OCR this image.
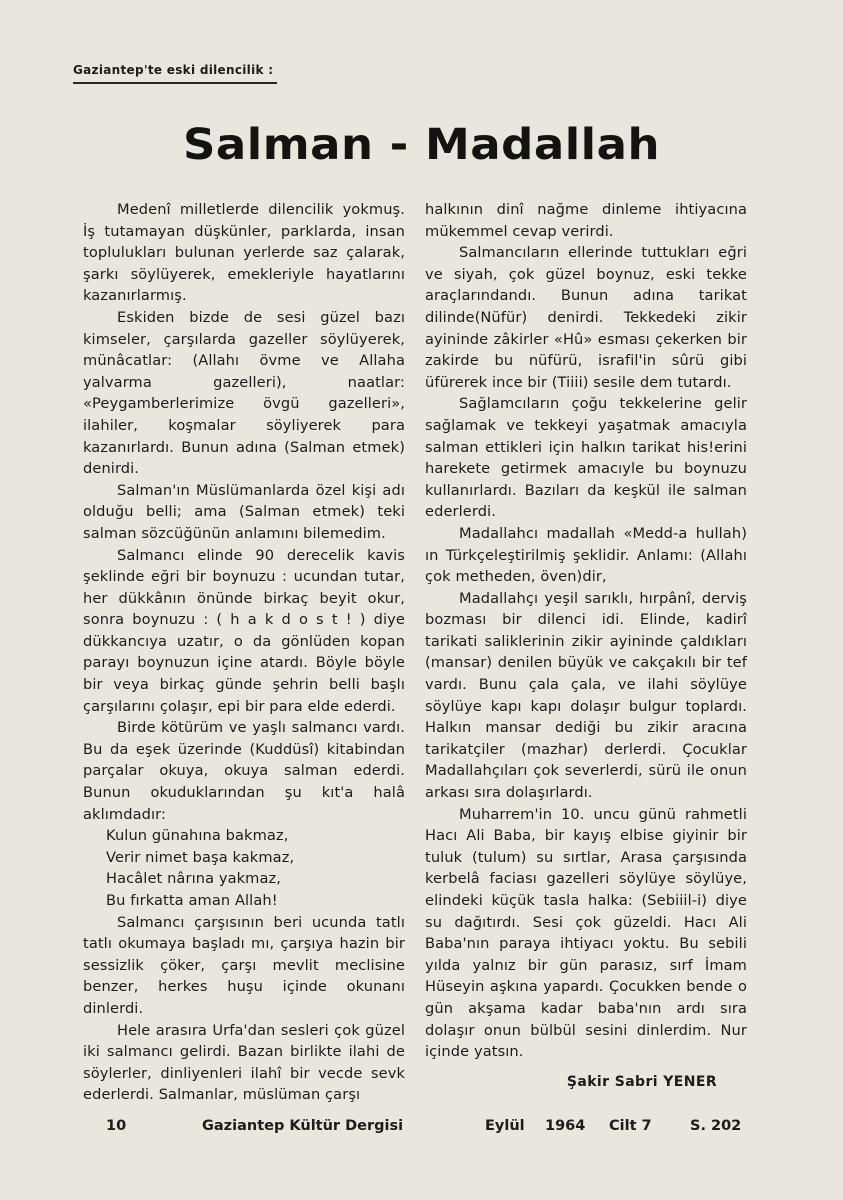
Gaziantep'te eski dilencilik :
Salman - Madallah

Medenî milletlerde dilencilik yokmuş. İş tutamayan düşkünler, parklarda, insan toplulukları bulunan yerlerde saz çalarak, şarkı söylüyerek, emekleriyle hayatlarını kazanırlarmış.

Eskiden bizde de sesi güzel bazı kimseler, çarşılarda gazeller söylüyerek, münâcatlar: (Allahı övme ve Allaha yalvarma gazelleri), naatlar: «Peygamberlerimize övgü gazelleri», ilahiler, koşmalar söyliyerek para kazanırlardı. Bunun adına (Salman etmek) denirdi.

Salman'ın Müslümanlarda özel kişi adı olduğu belli; ama (Salman etmek) teki salman sözcüğünün anlamını bilemedim.

Salmancı elinde 90 derecelik kavis şeklinde eğri bir boynuzu : ucundan tutar, her dükkânın önünde birkaç beyit okur, sonra boynuzu : ( h a k d o s t ! ) diye dükkancıya uzatır, o da gönlüden kopan parayı boynuzun içine atardı. Böyle böyle bir veya birkaç günde şehrin belli başlı çarşılarını çolaşır, epi bir para elde ederdi.

Birde kötürüm ve yaşlı salmancı vardı. Bu da eşek üzerinde (Kuddüsî) kitabindan parçalar okuya, okuya salman ederdi. Bunun okuduklarından şu kıt'a halâ aklımdadır:

Kulun günahına bakmaz,
Verir nimet başa kakmaz,
Hacâlet nârına yakmaz,
Bu fırkatta aman Allah!

Salmancı çarşısının beri ucunda tatlı tatlı okumaya başladı mı, çarşıya hazin bir sessizlik çöker, çarşı mevlit meclisine benzer, herkes huşu içinde okunanı dinlerdi.

Hele arasıra Urfa'dan sesleri çok güzel iki salmancı gelirdi. Bazan birlikte ilahi de söylerler, dinliyenleri ilahî bir vecde sevk ederlerdi. Salmanlar, müslüman çarşı

halkının dinî nağme dinleme ihtiyacına mükemmel cevap verirdi.

Salmancıların ellerinde tuttukları eğri ve siyah, çok güzel boynuz, eski tekke araçlarındandı. Bunun adına tarikat dilinde(Nüfür) denirdi. Tekkedeki zikir ayininde zâkirler «Hû» esması çekerken bir zakirde bu nüfürü, israfil'in sûrü gibi üfürerek ince bir (Tiiii) sesile dem tutardı.

Sağlamcıların çoğu tekkelerine gelir sağlamak ve tekkeyi yaşatmak amacıyla salman ettikleri için halkın tarikat his!erini harekete getirmek amacıyle bu boynuzu kullanırlardı. Bazıları da keşkül ile salman ederlerdi.

Madallahcı madallah «Medd-a hullah) ın Türkçeleştirilmiş şeklidir. Anlamı: (Allahı çok metheden, öven)dir,

Madallahçı yeşil sarıklı, hırpânî, derviş bozması bir dilenci idi. Elinde, kadirî tarikati saliklerinin zikir ayininde çaldıkları (mansar) denilen büyük ve cakçakılı bir tef vardı. Bunu çala çala, ve ilahi söylüye söylüye kapı kapı dolaşır bulgur toplardı. Halkın mansar dediği bu zikir aracına tarikatçiler (mazhar) derlerdi. Çocuklar Madallahçıları çok severlerdi, sürü ile onun arkası sıra dolaşırlardı.

Muharrem'in 10. uncu günü rahmetli Hacı Ali Baba, bir kayış elbise giyinir bir tuluk (tulum) su sırtlar, Arasa çarşısında kerbelâ faciası gazelleri söylüye söylüye, elindeki küçük tasla halka: (Sebiiil-i) diye su dağıtırdı. Sesi çok güzeldi. Hacı Ali Baba'nın paraya ihtiyacı yoktu. Bu sebili yılda yalnız bir gün parasız, sırf İmam Hüseyin aşkına yapardı. Çocukken bende o gün akşama kadar baba'nın ardı sıra dolaşır onun bülbül sesini dinlerdim. Nur içinde yatsın.

Şakir Sabri YENER
10	Gaziantep Kültür Dergisi	Eylül 1964 Cilt 7	S. 202
